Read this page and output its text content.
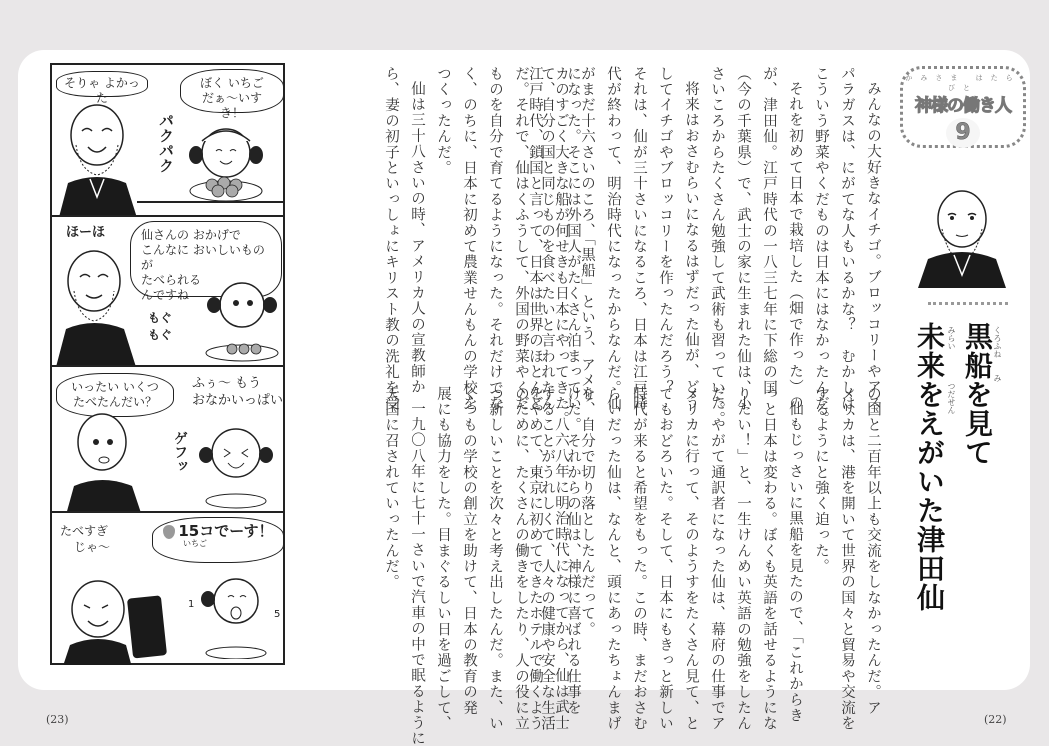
そりゃ よかった
ぼく いちご
だぁ〜いすき！
パクパク
ほーほ	仙さんの おかげで
こんなに おいしいものが
たべられる
んですね
もぐもぐ
いったい いくつ
たべたんだい？
ふぅ〜 もう
おなかいっぱい
ゲフッ
たべすぎ
じゃ〜
15コでーす！
いちご
1
5

になった。そこには外国人がたくさん泊まってい

て、自分の国と同じものを食べたいと言われたん

だ。それで、仙はくふうして、外国の野菜やくだ

ものを自分で育てるようになった。それだけでな

く、のちに、日本に初めて農業せんもんの学校を

つくったんだ。

仙は三十八さいの時、アメリカ人の宣教師か

ら、妻の初子といっしょにキリスト教の洗礼を受

けた。それからの仙は、神様に喜ばれる仕事を

することがうれしくて、人々の健康や安全な生活

のために、たくさんの働きをしたり、人の役に立

つ新しいことを次々と考え出したんだ。また、い

くつもの学校の創立を助けて、日本の教育の発

展にも協力をした。目まぐるしい日を過ごして、

一九〇八年に七十一さいで汽車の中で眠るように

天国に召されていったんだ。

みんなの大好きなイチゴ。ブロッコリーやアス

パラガスは、にがてな人もいるかな？　むかしは、

こういう野菜やくだものは日本にはなかったんだ。

それを初めて日本で栽培した（畑で作った）の

が、津田仙。江戸時代の一八三七年に下総の国

（今の千葉県）で、武士の家に生まれた仙は、小

さいころからたくさん勉強して武術も習っていた。

将来はおさむらいになるはずだった仙が、どう

してイチゴやブロッコリーを作ったんだろう？

それは、仙が三十さいになるころ、日本は江戸時

代が終わって、明治時代になったからなんだ。仙

がまだ十六さいのころ、「黒船」という、アメリ

カのすごく大きな船が何せきも日本にやってきた。

江戸時代、鎖国と言って、日本は世界のほとんど

の国と二百年以上も交流をしなかったんだ。ア

メリカは、港を開いて世界の国々と貿易や交流を

するようにと強く迫った。

仙もじっさいに黒船を見たので、「これからき

っと日本は変わる。ぼくも英語を話せるようにな

りたい！」と、一生けんめい英語の勉強をしたん

だ。やがて通訳者になった仙は、幕府の仕事でア

メリカに行って、そのようすをたくさん見て、と

てもおどろいた。そして、日本にもきっと新しい

時代が来ると希望をもった。この時、まだおさむ

らいだった仙は、なんと、頭にあったちょんまげ

を、自分で切り落としたんだって。

一八六八年に明治時代になってから、仙は武士

をやめて、東京に初めてできたホテルで働くよう

かみさま はたら びと
神様の働き人
9
黒船を見て くろふね　　み
未来をえがいた津田仙 みらい　　　　つだせん
(23)	(22)
